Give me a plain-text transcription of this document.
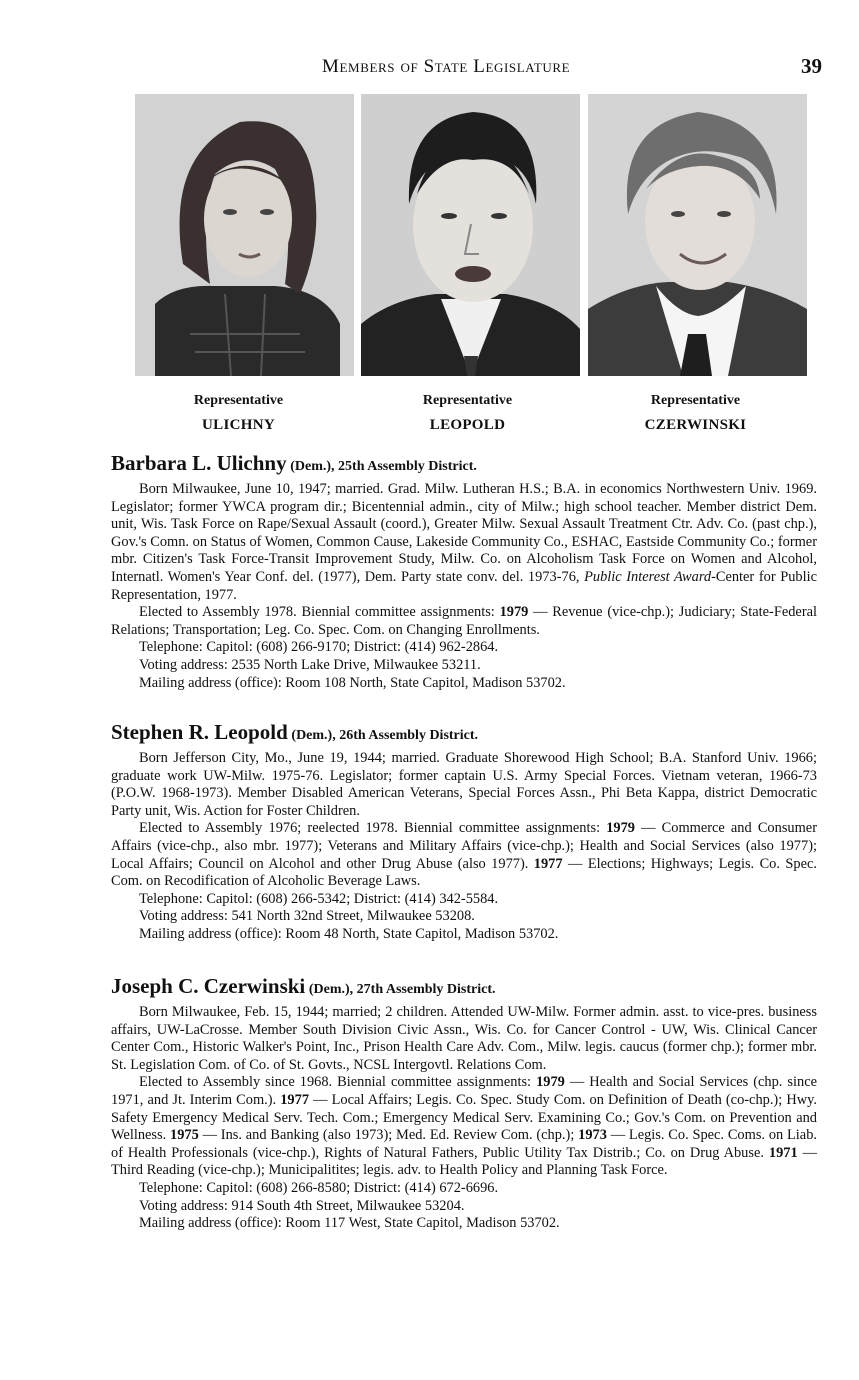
Members of State Legislature	39
Representative
ULICHNY
Representative
LEOPOLD
Representative
CZERWINSKI
Barbara L. Ulichny (Dem.), 25th Assembly District.

Born Milwaukee, June 10, 1947; married. Grad. Milw. Lutheran H.S.; B.A. in economics Northwestern Univ. 1969. Legislator; former YWCA program dir.; Bicentennial admin., city of Milw.; high school teacher. Member district Dem. unit, Wis. Task Force on Rape/Sexual Assault (coord.), Greater Milw. Sexual Assault Treatment Ctr. Adv. Co. (past chp.), Gov.'s Comn. on Status of Women, Common Cause, Lakeside Community Co., ESHAC, Eastside Community Co.; former mbr. Citizen's Task Force-Transit Improvement Study, Milw. Co. on Alcoholism Task Force on Women and Alcohol, Internatl. Women's Year Conf. del. (1977), Dem. Party state conv. del. 1973-76, Public Interest Award-Center for Public Representation, 1977.

Elected to Assembly 1978. Biennial committee assignments: 1979 — Revenue (vice-chp.); Judiciary; State-Federal Relations; Transportation; Leg. Co. Spec. Com. on Changing Enrollments.

Telephone: Capitol: (608) 266-9170; District: (414) 962-2864.

Voting address: 2535 North Lake Drive, Milwaukee 53211.

Mailing address (office): Room 108 North, State Capitol, Madison 53702.

Stephen R. Leopold (Dem.), 26th Assembly District.

Born Jefferson City, Mo., June 19, 1944; married. Graduate Shorewood High School; B.A. Stanford Univ. 1966; graduate work UW-Milw. 1975-76. Legislator; former captain U.S. Army Special Forces. Vietnam veteran, 1966-73 (P.O.W. 1968-1973). Member Disabled American Veterans, Special Forces Assn., Phi Beta Kappa, district Democratic Party unit, Wis. Action for Foster Children.

Elected to Assembly 1976; reelected 1978. Biennial committee assignments: 1979 — Commerce and Consumer Affairs (vice-chp., also mbr. 1977); Veterans and Military Affairs (vice-chp.); Health and Social Services (also 1977); Local Affairs; Council on Alcohol and other Drug Abuse (also 1977). 1977 — Elections; Highways; Legis. Co. Spec. Com. on Recodification of Alcoholic Beverage Laws.

Telephone: Capitol: (608) 266-5342; District: (414) 342-5584.

Voting address: 541 North 32nd Street, Milwaukee 53208.

Mailing address (office): Room 48 North, State Capitol, Madison 53702.

Joseph C. Czerwinski (Dem.), 27th Assembly District.

Born Milwaukee, Feb. 15, 1944; married; 2 children. Attended UW-Milw. Former admin. asst. to vice-pres. business affairs, UW-LaCrosse. Member South Division Civic Assn., Wis. Co. for Cancer Control - UW, Wis. Clinical Cancer Center Com., Historic Walker's Point, Inc., Prison Health Care Adv. Com., Milw. legis. caucus (former chp.); former mbr. St. Legislation Com. of Co. of St. Govts., NCSL Intergovtl. Relations Com.

Elected to Assembly since 1968. Biennial committee assignments: 1979 — Health and Social Services (chp. since 1971, and Jt. Interim Com.). 1977 — Local Affairs; Legis. Co. Spec. Study Com. on Definition of Death (co-chp.); Hwy. Safety Emergency Medical Serv. Tech. Com.; Emergency Medical Serv. Examining Co.; Gov.'s Com. on Prevention and Wellness. 1975 — Ins. and Banking (also 1973); Med. Ed. Review Com. (chp.); 1973 — Legis. Co. Spec. Coms. on Liab. of Health Professionals (vice-chp.), Rights of Natural Fathers, Public Utility Tax Distrib.; Co. on Drug Abuse. 1971 — Third Reading (vice-chp.); Municipalitites; legis. adv. to Health Policy and Planning Task Force.

Telephone: Capitol: (608) 266-8580; District: (414) 672-6696.

Voting address: 914 South 4th Street, Milwaukee 53204.

Mailing address (office): Room 117 West, State Capitol, Madison 53702.
